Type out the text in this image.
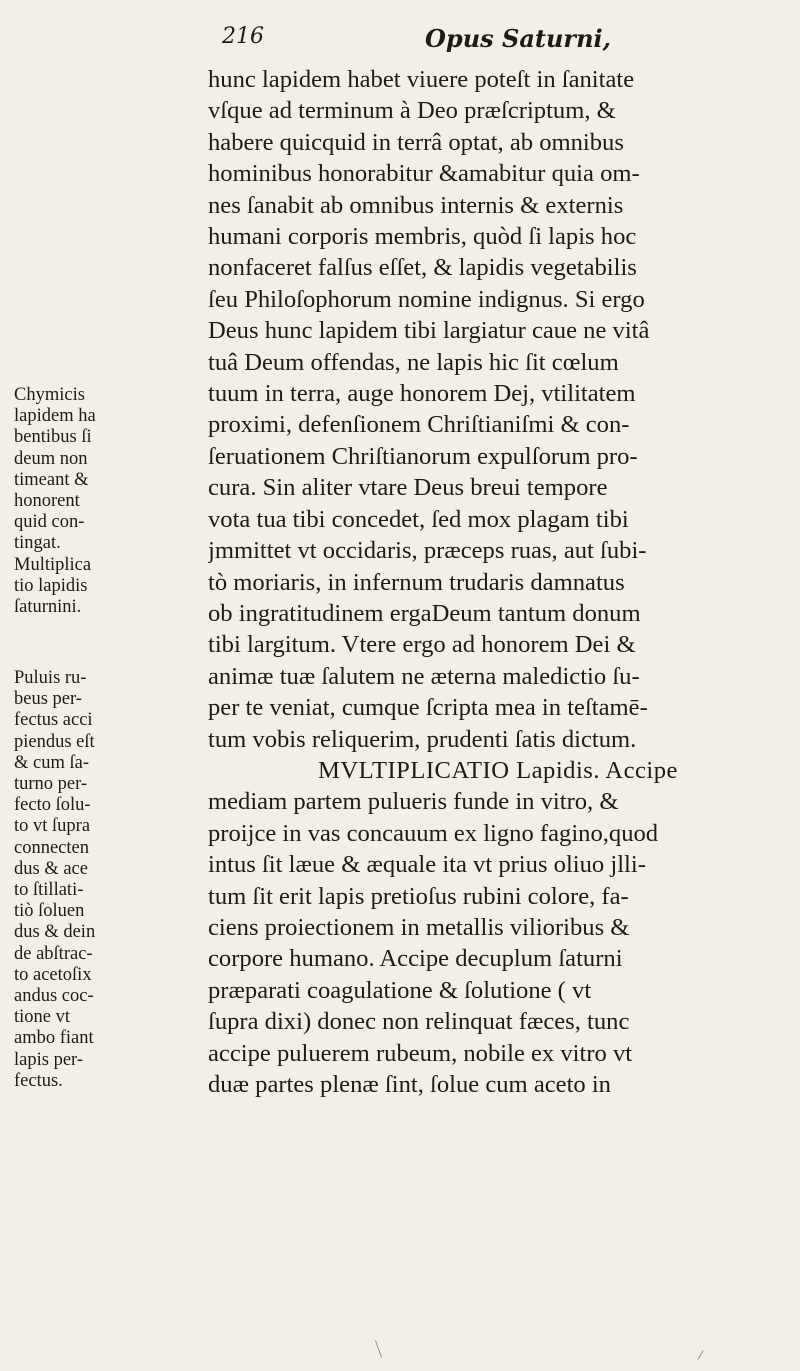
216	Opus Saturni,
hunc lapidem habet viuere poteſt in ſanitate
vſque ad terminum à Deo præſcriptum, &
habere quicquid in terrâ optat, ab omnibus
hominibus honorabitur &amabitur quia om-
nes ſanabit ab omnibus internis & externis
humani corporis membris, quòd ſi lapis hoc
nonfaceret falſus eſſet, & lapidis vegetabilis
ſeu Philoſophorum nomine indignus. Si ergo
Deus hunc lapidem tibi largiatur caue ne vitâ
tuâ Deum offendas, ne lapis hic ſit cœlum
tuum in terra, auge honorem Dej, vtilitatem
proximi, defenſionem Chriſtianiſmi & con-
ſeruationem Chriſtianorum expulſorum pro-
cura. Sin aliter vtare Deus breui tempore
vota tua tibi concedet, ſed mox plagam tibi
jmmittet vt occidaris, præceps ruas, aut ſubi-
tò moriaris, in infernum trudaris damnatus
ob ingratitudinem ergaDeum tantum donum
tibi largitum. Vtere ergo ad honorem Dei &
animæ tuæ ſalutem ne æterna maledictio ſu-
per te veniat, cumque ſcripta mea in teſtamē-
tum vobis reliquerim, prudenti ſatis dictum.
MVLTIPLICATIO Lapidis. Accipe
mediam partem pulueris funde in vitro, &
proijce in vas concauum ex ligno fagino,quod
intus ſit læue & æquale ita vt prius oliuo jlli-
tum ſit erit lapis pretioſus rubini colore, fa-
ciens proiectionem in metallis vilioribus &
corpore humano. Accipe decuplum ſaturni
præparati coagulatione & ſolutione ( vt
ſupra dixi) donec non relinquat fæces, tunc
accipe puluerem rubeum, nobile ex vitro vt
duæ partes plenæ ſint, ſolue cum aceto in
Chymicis
lapidem ha
bentibus ſi
deum non
timeant &
honorent
quid con-
tingat.
Multiplica
tio lapidis
ſaturnini.
Puluis ru-
beus per-
fectus acci
piendus eſt
& cum ſa-
turno per-
fecto ſolu-
to vt ſupra
connecten
dus & ace
to ſtillati-
tiò ſoluen
dus & dein
de abſtrac-
to acetoſix
andus coc-
tione vt
ambo fiant
lapis per-
fectus.
